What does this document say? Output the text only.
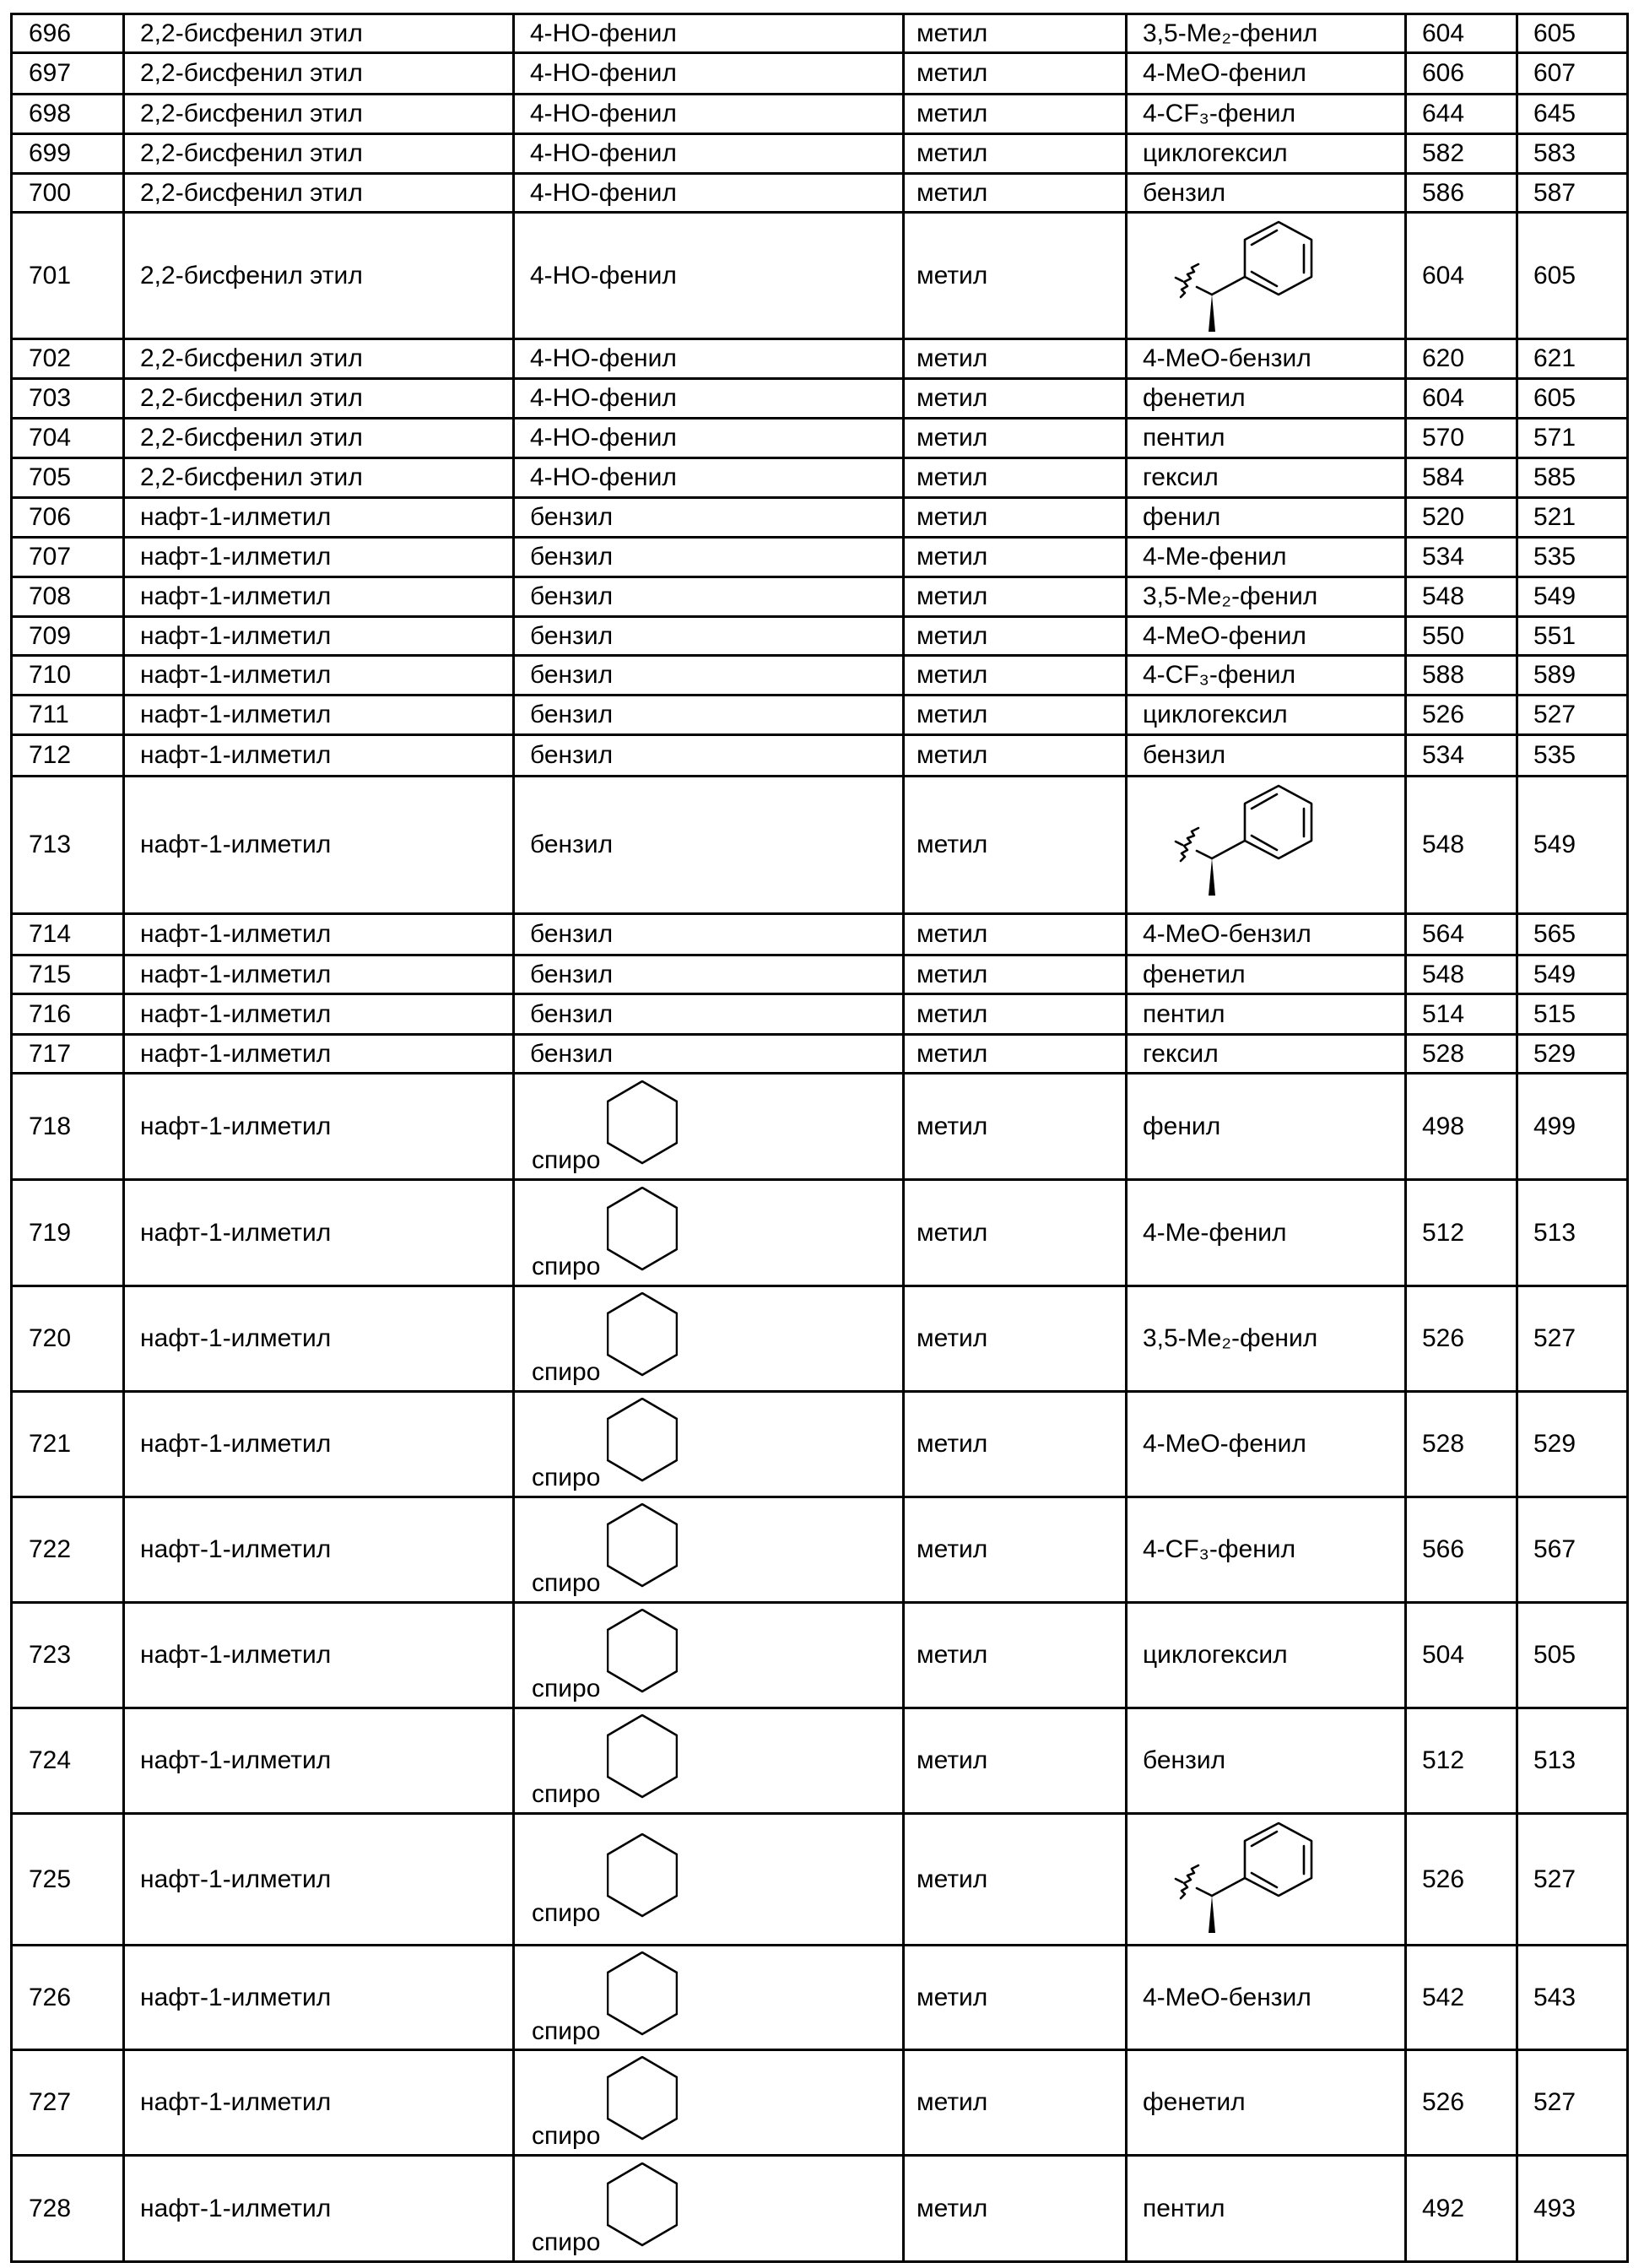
696	2,2-бисфенил этил	4-HO-фенил	метил	3,5-Me₂-фенил	604	605
697	2,2-бисфенил этил	4-HO-фенил	метил	4-MeO-фенил	606	607
698	2,2-бисфенил этил	4-HO-фенил	метил	4-CF₃-фенил	644	645
699	2,2-бисфенил этил	4-HO-фенил	метил	циклогексил	582	583
700	2,2-бисфенил этил	4-HO-фенил	метил	бензил	586	587
701	2,2-бисфенил этил	4-HO-фенил	метил	604	605
702	2,2-бисфенил этил	4-HO-фенил	метил	4-MeO-бензил	620	621
703	2,2-бисфенил этил	4-HO-фенил	метил	фенетил	604	605
704	2,2-бисфенил этил	4-HO-фенил	метил	пентил	570	571
705	2,2-бисфенил этил	4-HO-фенил	метил	гексил	584	585
706	нафт-1-илметил	бензил	метил	фенил	520	521
707	нафт-1-илметил	бензил	метил	4-Me-фенил	534	535
708	нафт-1-илметил	бензил	метил	3,5-Me₂-фенил	548	549
709	нафт-1-илметил	бензил	метил	4-MeO-фенил	550	551
710	нафт-1-илметил	бензил	метил	4-CF₃-фенил	588	589
711	нафт-1-илметил	бензил	метил	циклогексил	526	527
712	нафт-1-илметил	бензил	метил	бензил	534	535
713	нафт-1-илметил	бензил	метил	548	549
714	нафт-1-илметил	бензил	метил	4-MeO-бензил	564	565
715	нафт-1-илметил	бензил	метил	фенетил	548	549
716	нафт-1-илметил	бензил	метил	пентил	514	515
717	нафт-1-илметил	бензил	метил	гексил	528	529
718	нафт-1-илметил
спиро
метил	фенил	498	499
719	нафт-1-илметил
спиро
метил	4-Me-фенил	512	513
720	нафт-1-илметил
спиро
метил	3,5-Me₂-фенил	526	527
721	нафт-1-илметил
спиро
метил	4-MeO-фенил	528	529
722	нафт-1-илметил
спиро
метил	4-CF₃-фенил	566	567
723	нафт-1-илметил
спиро
метил	циклогексил	504	505
724	нафт-1-илметил
спиро
метил	бензил	512	513
725	нафт-1-илметил
спиро
метил	526	527
726	нафт-1-илметил
спиро
метил	4-MeO-бензил	542	543
727	нафт-1-илметил
спиро
метил	фенетил	526	527
728	нафт-1-илметил
спиро
метил	пентил	492	493
